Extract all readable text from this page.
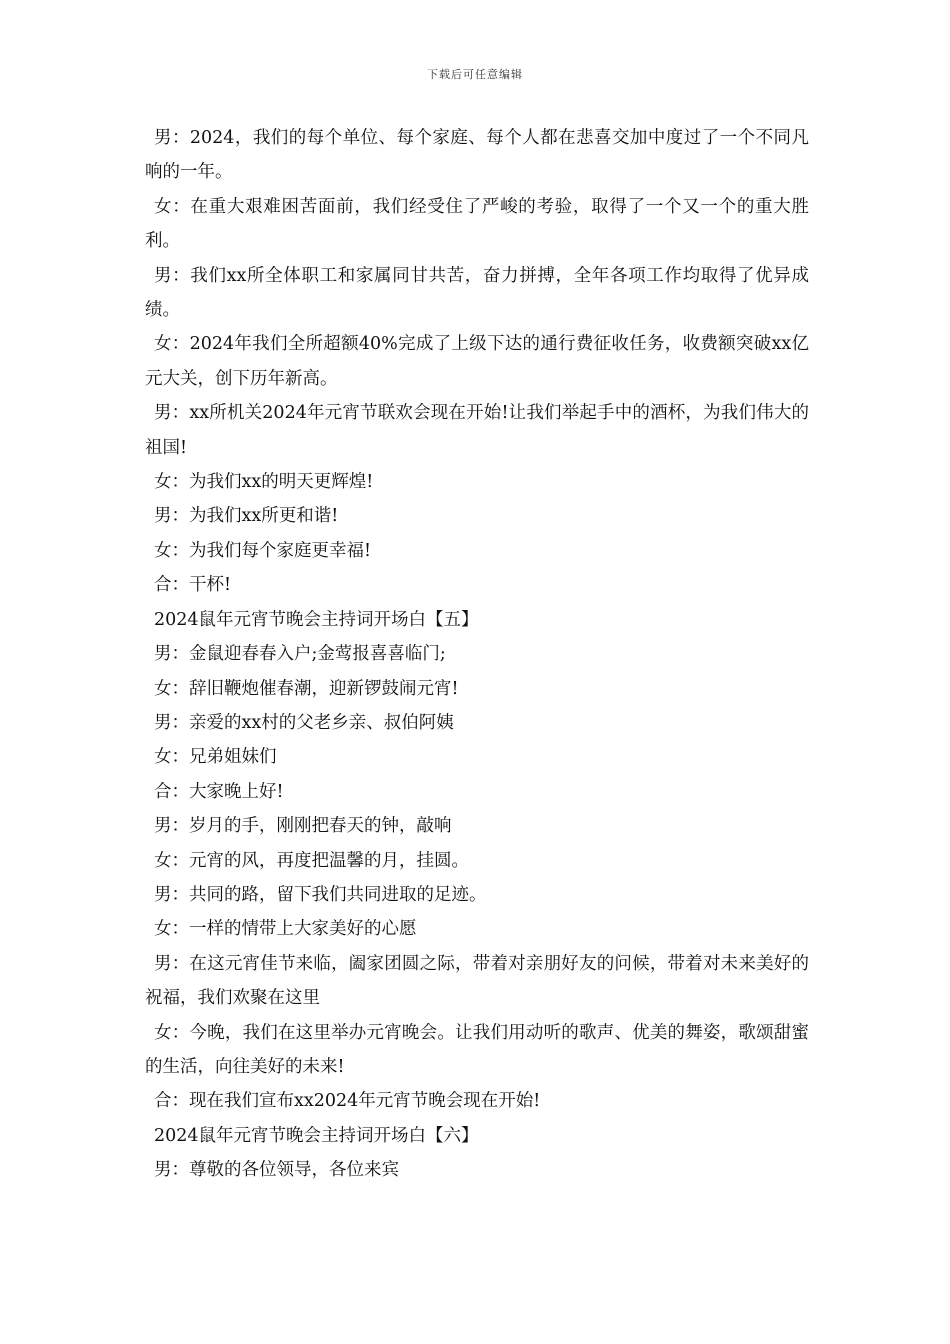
下载后可任意编辑

男：2024，我们的每个单位、每个家庭、每个人都在悲喜交加中度过了一个不同凡响的一年。

女：在重大艰难困苦面前，我们经受住了严峻的考验，取得了一个又一个的重大胜利。

男：我们xx所全体职工和家属同甘共苦，奋力拼搏，全年各项工作均取得了优异成绩。

女：2024年我们全所超额40%完成了上级下达的通行费征收任务，收费额突破xx亿元大关，创下历年新高。

男：xx所机关2024年元宵节联欢会现在开始!让我们举起手中的酒杯，为我们伟大的祖国!

女：为我们xx的明天更辉煌!

男：为我们xx所更和谐!

女：为我们每个家庭更幸福!

合：干杯!

2024鼠年元宵节晚会主持词开场白【五】

男：金鼠迎春春入户;金莺报喜喜临门;

女：辞旧鞭炮催春潮，迎新锣鼓闹元宵!

男：亲爱的xx村的父老乡亲、叔伯阿姨

女：兄弟姐妹们

合：大家晚上好!

男：岁月的手，刚刚把春天的钟，敲响

女：元宵的风，再度把温馨的月，挂圆。

男：共同的路，留下我们共同进取的足迹。

女：一样的情带上大家美好的心愿

男：在这元宵佳节来临，阖家团圆之际，带着对亲朋好友的问候，带着对未来美好的祝福，我们欢聚在这里

女：今晚，我们在这里举办元宵晚会。让我们用动听的歌声、优美的舞姿，歌颂甜蜜的生活，向往美好的未来!

合：现在我们宣布xx2024年元宵节晚会现在开始!

2024鼠年元宵节晚会主持词开场白【六】

男：尊敬的各位领导，各位来宾
